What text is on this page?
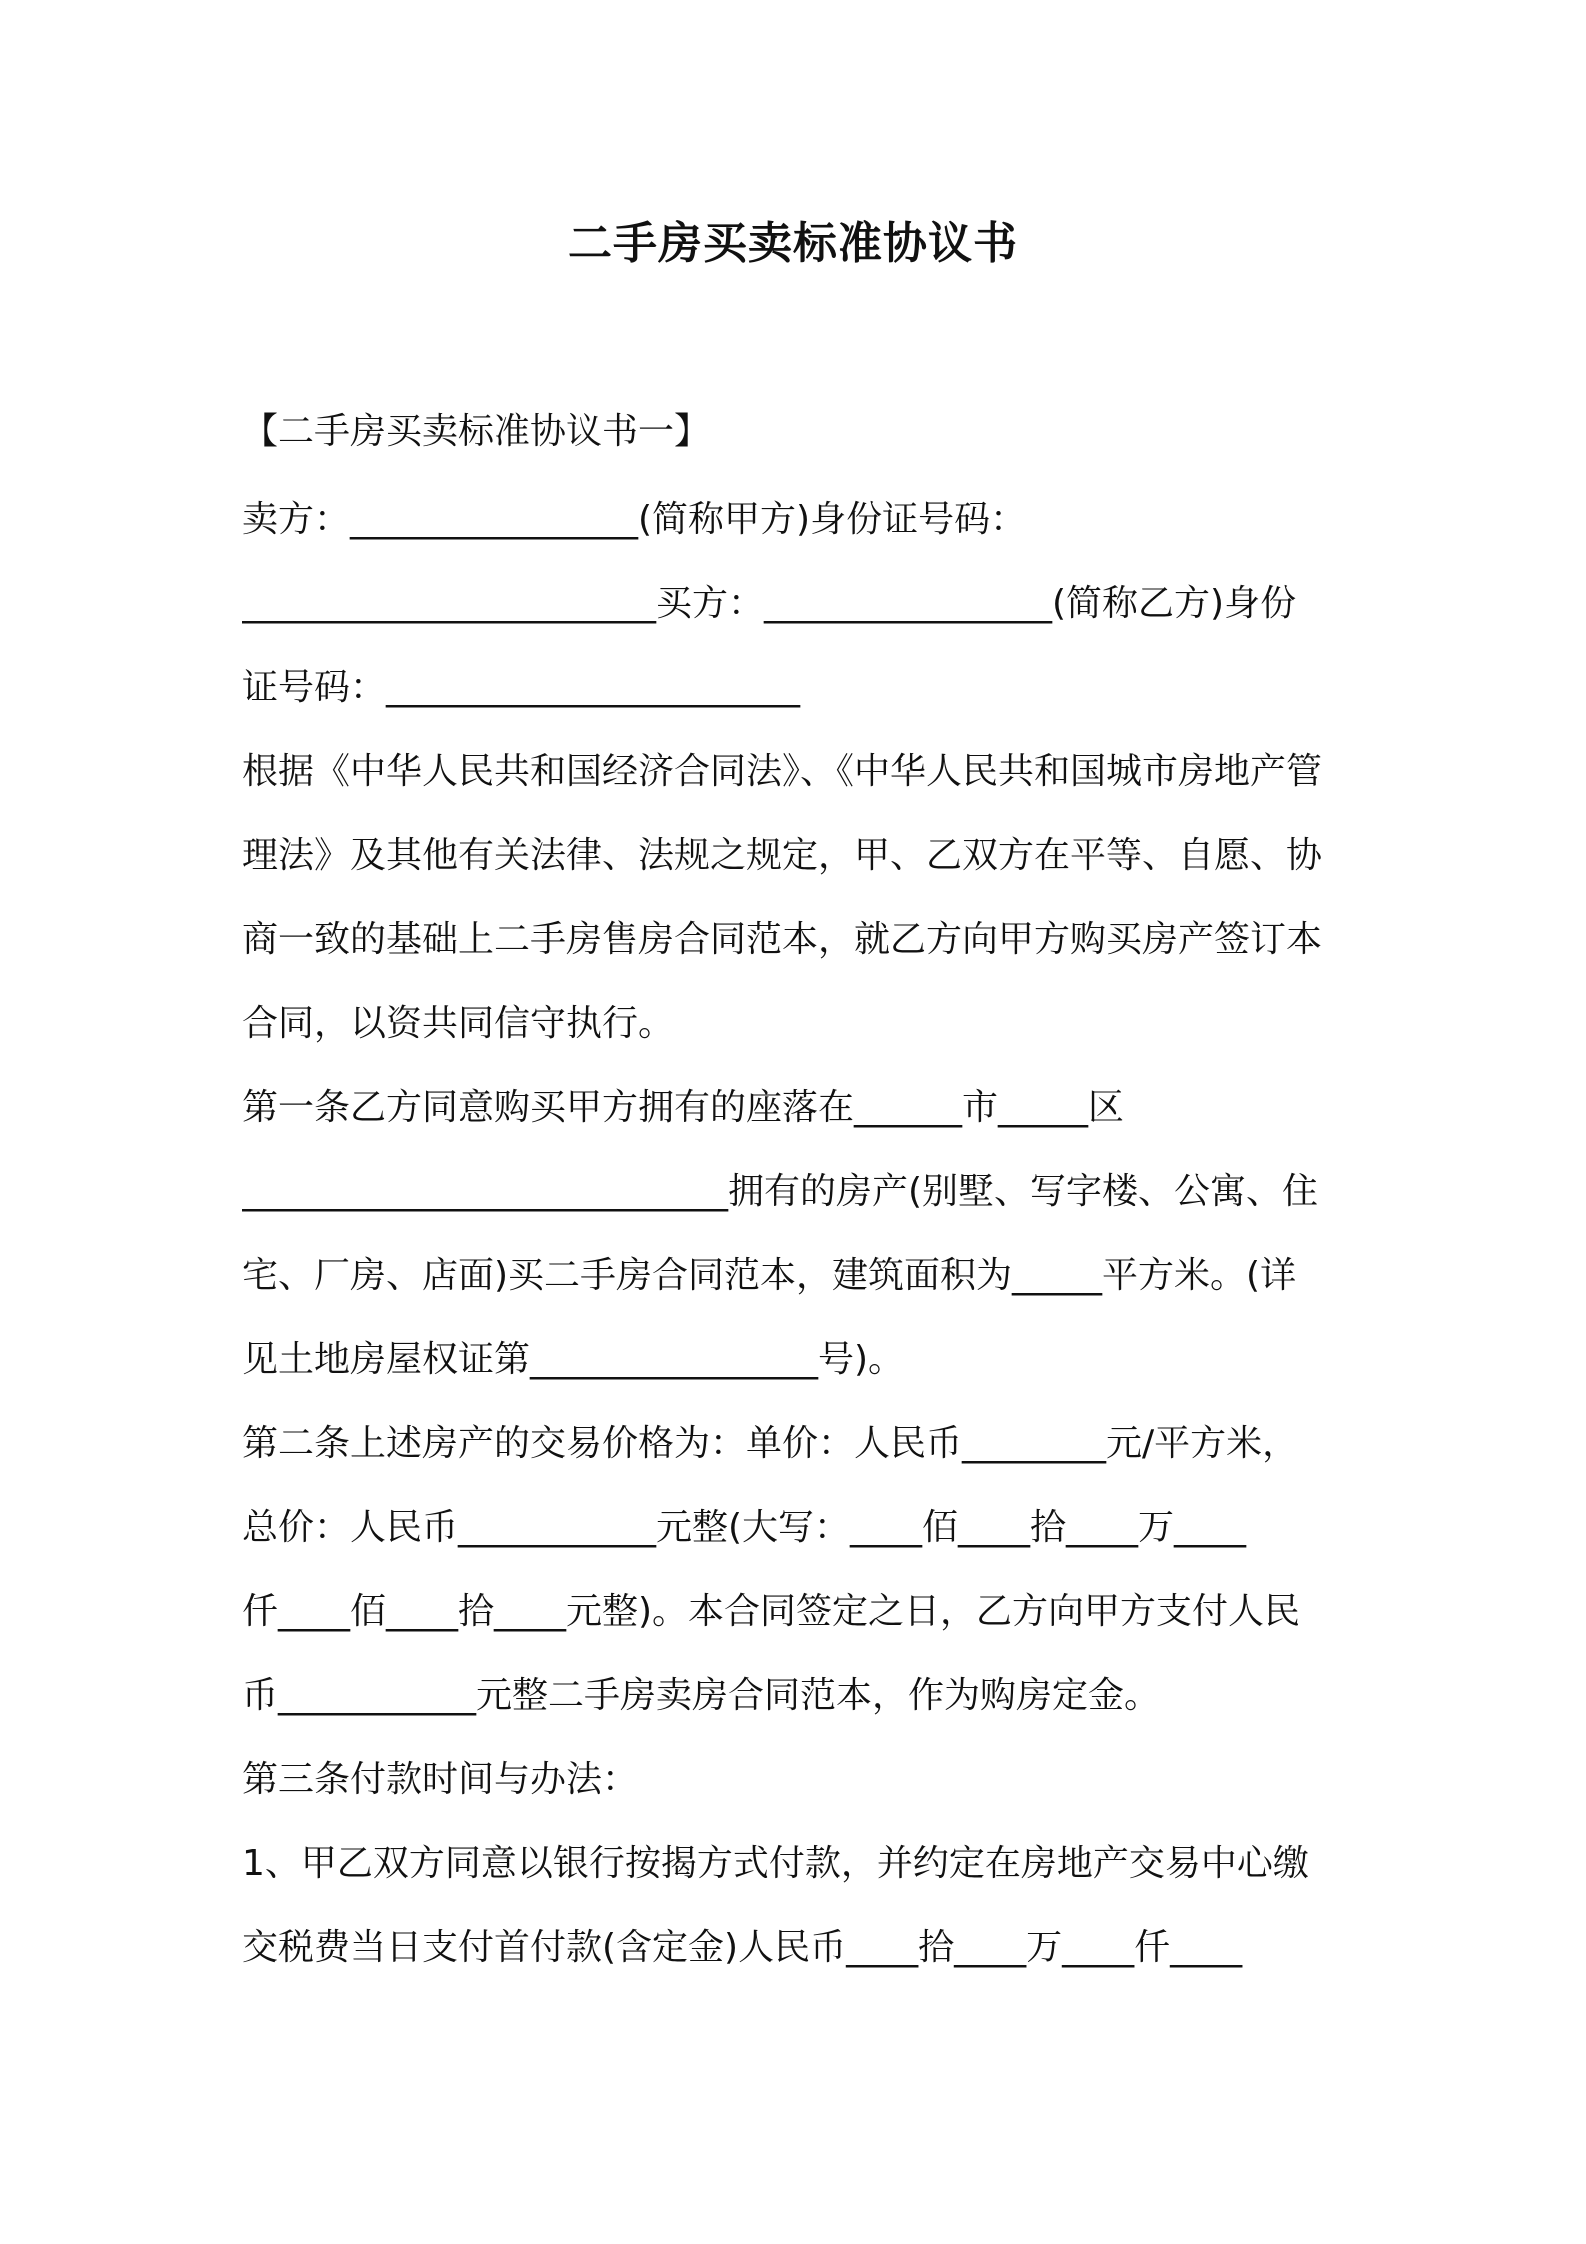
二手房买卖标准协议书
【二手房买卖标准协议书一】
卖方：________________(简称甲方)身份证号码：
_______________________买方：________________(简称乙方)身份
证号码：_______________________
根据《中华人民共和国经济合同法》、《中华人民共和国城市房地产管
理法》及其他有关法律、法规之规定，甲、乙双方在平等、自愿、协
商一致的基础上二手房售房合同范本，就乙方向甲方购买房产签订本
合同，以资共同信守执行。
第一条乙方同意购买甲方拥有的座落在______市_____区
___________________________拥有的房产(别墅、写字楼、公寓、住
宅、厂房、店面)买二手房合同范本，建筑面积为_____平方米。(详
见土地房屋权证第________________号)。
第二条上述房产的交易价格为：单价：人民币________元/平方米，
总价：人民币___________元整(大写：____佰____拾____万____
仟____佰____拾____元整)。本合同签定之日，乙方向甲方支付人民
币___________元整二手房卖房合同范本，作为购房定金。
第三条付款时间与办法：
1、甲乙双方同意以银行按揭方式付款，并约定在房地产交易中心缴
交税费当日支付首付款(含定金)人民币____拾____万____仟____
